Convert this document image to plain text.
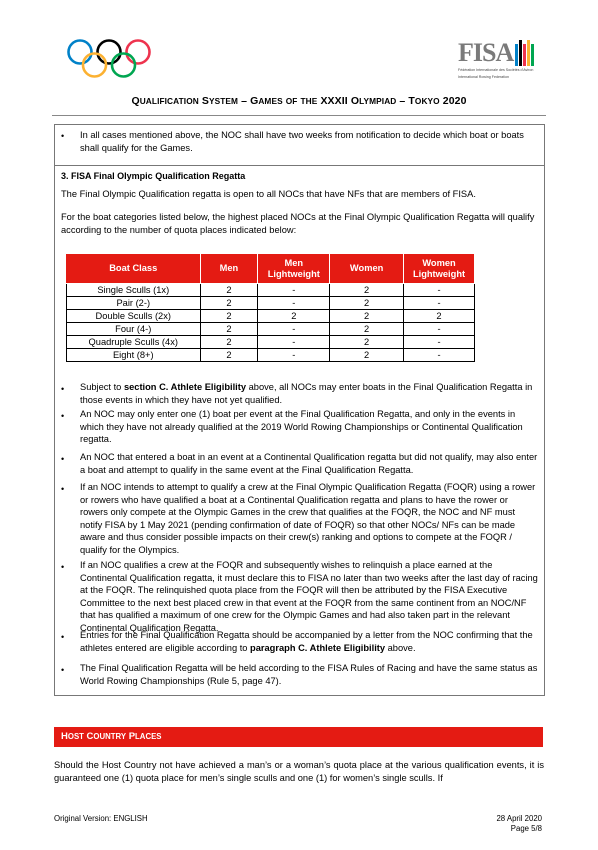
FISA
Fédération Internationale des Sociétés d'Aviron
International Rowing Federation
QUALIFICATION SYSTEM – GAMES OF THE XXXII OLYMPIAD – TOKYO 2020
• In all cases mentioned above, the NOC shall have two weeks from notification to decide which boat or boats shall qualify for the Games.
3. FISA Final Olympic Qualification Regatta
The Final Olympic Qualification regatta is open to all NOCs that have NFs that are members of FISA.
For the boat categories listed below, the highest placed NOCs at the Final Olympic Qualification Regatta will qualify according to the number of quota places indicated below:
Boat Class	Men	Men Lightweight	Women	Women Lightweight
Single Sculls (1x)	2	-	2	-
Pair (2-)	2	-	2	-
Double Sculls (2x)	2	2	2	2
Four (4-)	2	-	2	-
Quadruple Sculls (4x)	2	-	2	-
Eight (8+)	2	-	2	-
• Subject to section C. Athlete Eligibility above, all NOCs may enter boats in the Final Qualification Regatta in those events in which they have not yet qualified.
• An NOC may only enter one (1) boat per event at the Final Qualification Regatta, and only in the events in which they have not already qualified at the 2019 World Rowing Championships or Continental Qualification regatta.
• An NOC that entered a boat in an event at a Continental Qualification regatta but did not qualify, may also enter a boat and attempt to qualify in the same event at the Final Qualification Regatta.
• If an NOC intends to attempt to qualify a crew at the Final Olympic Qualification Regatta (FOQR) using a rower or rowers who have qualified a boat at a Continental Qualification regatta and plans to have the rower or rowers only compete at the Olympic Games in the crew that qualifies at the FOQR, the NOC and NF must notify FISA by 1 May 2021 (pending confirmation of date of FOQR) so that other NOCs/ NFs can be made aware and thus consider possible impacts on their crew(s) ranking and options to compete at the FOQR / qualify for the Olympics.
• If an NOC qualifies a crew at the FOQR and subsequently wishes to relinquish a place earned at the Continental Qualification regatta, it must declare this to FISA no later than two weeks after the last day of racing at the FOQR. The relinquished quota place from the FOQR will then be attributed by the FISA Executive Committee to the next best placed crew in that event at the FOQR from the same continent from an NOC/NF that has qualified a maximum of one crew for the Olympic Games and had also taken part in the relevant Continental Qualification Regatta.
• Entries for the Final Qualification Regatta should be accompanied by a letter from the NOC confirming that the athletes entered are eligible according to paragraph C. Athlete Eligibility above.
• The Final Qualification Regatta will be held according to the FISA Rules of Racing and have the same status as World Rowing Championships (Rule 5, page 47).
HOST COUNTRY PLACES
Should the Host Country not have achieved a man’s or a woman’s quota place at the various qualification events, it is guaranteed one (1) quota place for men’s single sculls and one (1) for women’s single sculls. If
Original Version: ENGLISH	28 April 2020
Page 5/8
